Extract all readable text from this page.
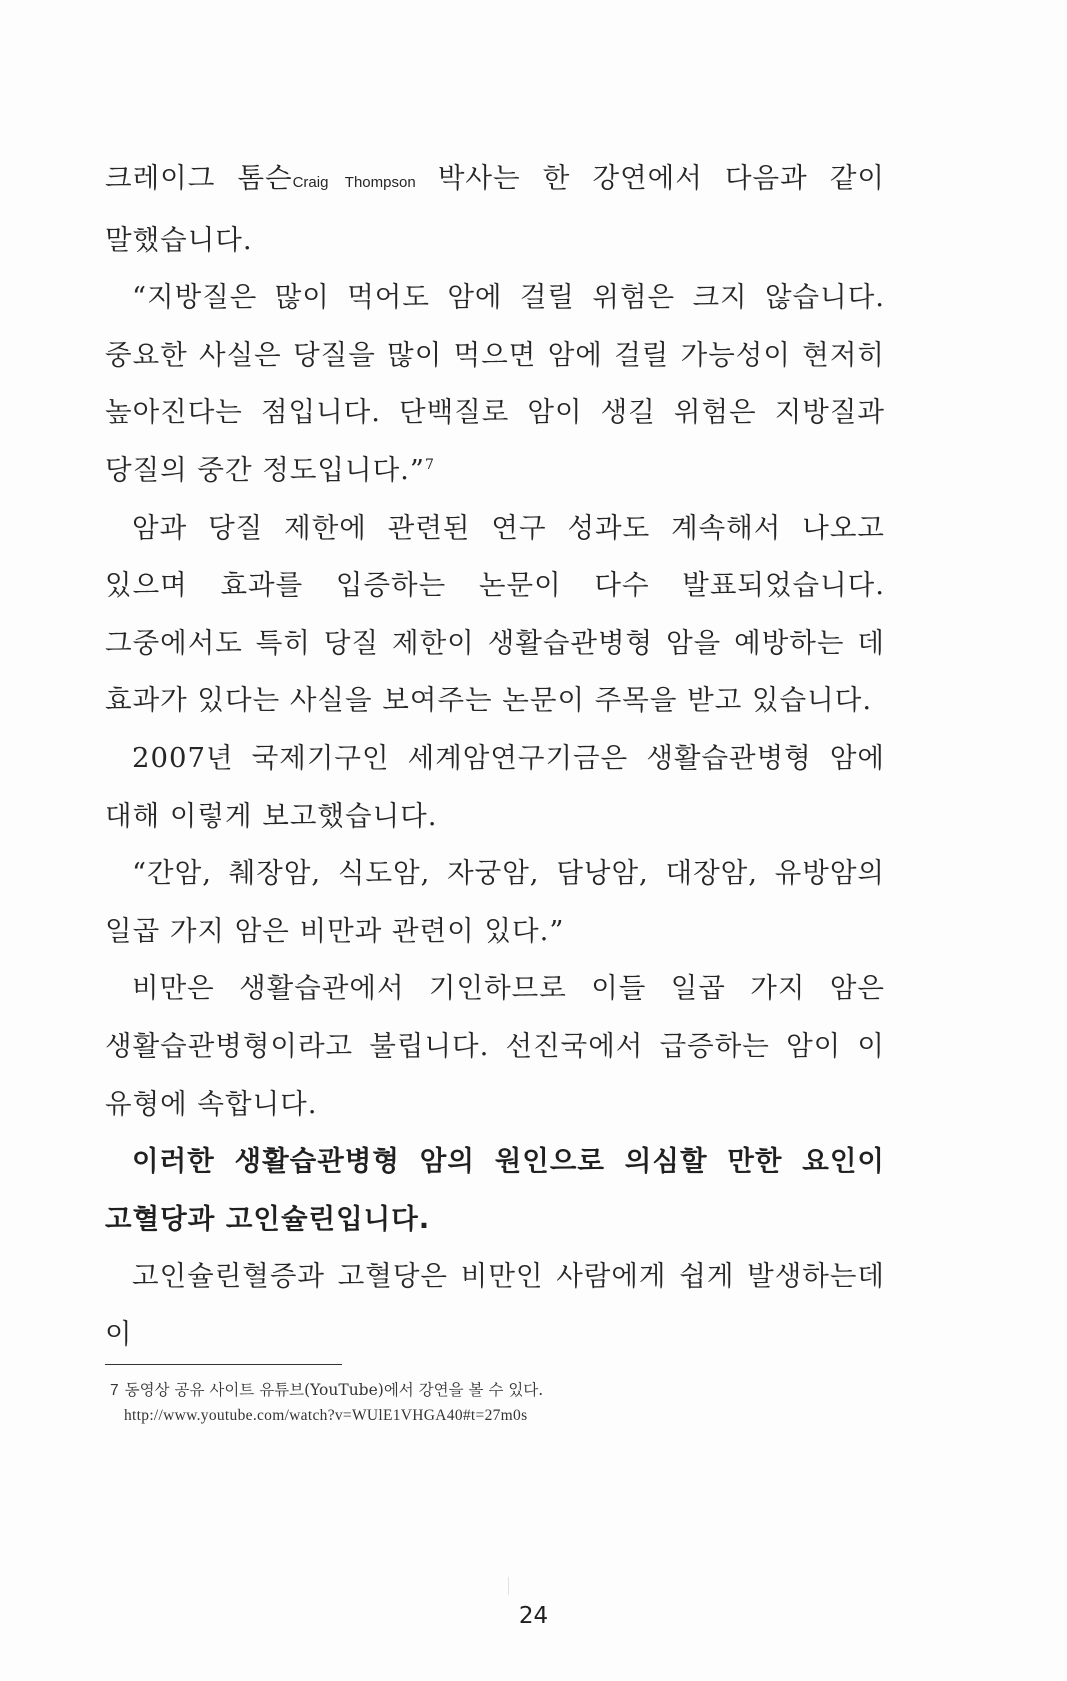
크레이그 톰슨Craig Thompson 박사는 한 강연에서 다음과 같이 말했습니다.

“지방질은 많이 먹어도 암에 걸릴 위험은 크지 않습니다. 중요한 사실은 당질을 많이 먹으면 암에 걸릴 가능성이 현저히 높아진다는 점입니다. 단백질로 암이 생길 위험은 지방질과 당질의 중간 정도입니다.”$^7$

암과 당질 제한에 관련된 연구 성과도 계속해서 나오고 있으며 효과를 입증하는 논문이 다수 발표되었습니다. 그중에서도 특히 당질 제한이 생활습관병형 암을 예방하는 데 효과가 있다는 사실을 보여주는 논문이 주목을 받고 있습니다.

2007년 국제기구인 세계암연구기금은 생활습관병형 암에 대해 이렇게 보고했습니다.

“간암, 췌장암, 식도암, 자궁암, 담낭암, 대장암, 유방암의 일곱 가지 암은 비만과 관련이 있다.”

비만은 생활습관에서 기인하므로 이들 일곱 가지 암은 생활습관병형이라고 불립니다. 선진국에서 급증하는 암이 이 유형에 속합니다.

이러한 생활습관병형 암의 원인으로 의심할 만한 요인이 고혈당과 고인슐린입니다.

고인슐린혈증과 고혈당은 비만인 사람에게 쉽게 발생하는데 이

7 동영상 공유 사이트 유튜브(YouTube)에서 강연을 볼 수 있다.
http://www.youtube.com/watch?v=WUlE1VHGA40#t=27m0s
24
